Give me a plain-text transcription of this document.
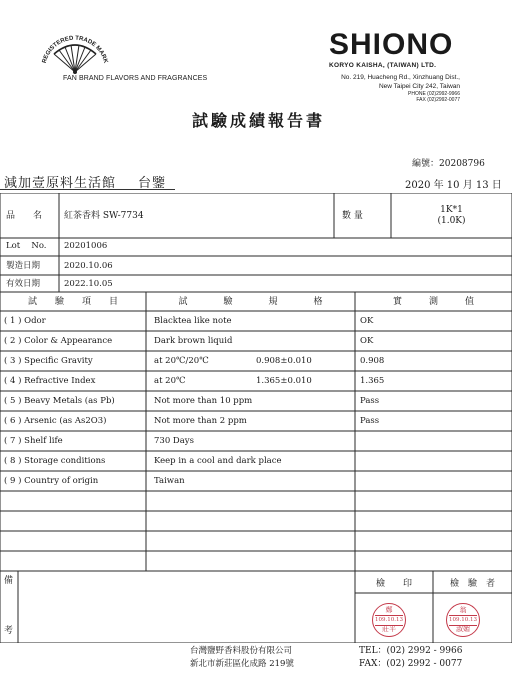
REGISTERED TRADE MARK
FAN BRAND FLAVORS AND FRAGRANCES
SHIONO
KORYO KAISHA, (TAIWAN) LTD.
No. 219, Huacheng Rd., Xinzhuang Dist.,
New Taipei City 242, Taiwan
PHONE (02)2992-9966
FAX (02)2992-0077
試驗成績報告書
編號：20208796
減加壹原料生活館 台鑒	2020 年 10 月 13 日
品　　名 紅茶香料 SW-7734	數 量
1K*1
(1.0K)
Lot　 No. 20201006
製造日期	2020.10.06
有效日期	2022.10.05
試　　驗　　項　　目	試　　　　驗　　　　規　　　　格	實　　　測　　　值
( 1 ) Odor	Blacktea like note	OK
( 2 ) Color & Appearance	Dark brown liquid	OK
( 3 ) Specific Gravity	at 20℃/20℃	0.908±0.010	0.908
( 4 ) Refractive Index	at 20℃	1.365±0.010	1.365
( 5 ) Beavy Metals (as Pb)	Not more than 10 ppm	Pass
( 6 ) Arsenic (as As2O3)	Not more than 2 ppm	Pass
( 7 ) Shelf life	730 Days
( 8 ) Storage conditions	Keep in a cool and dark place
( 9 ) Country of origin	Taiwan
備
考
檢　　印	檢　驗　者
鄭
109.10.13
莊平
翁
109.10.13
淑媚
台灣鹽野香料股份有限公司
新北市新莊區化成路 219號
TEL：(02) 2992 - 9966
FAX：(02) 2992 - 0077
